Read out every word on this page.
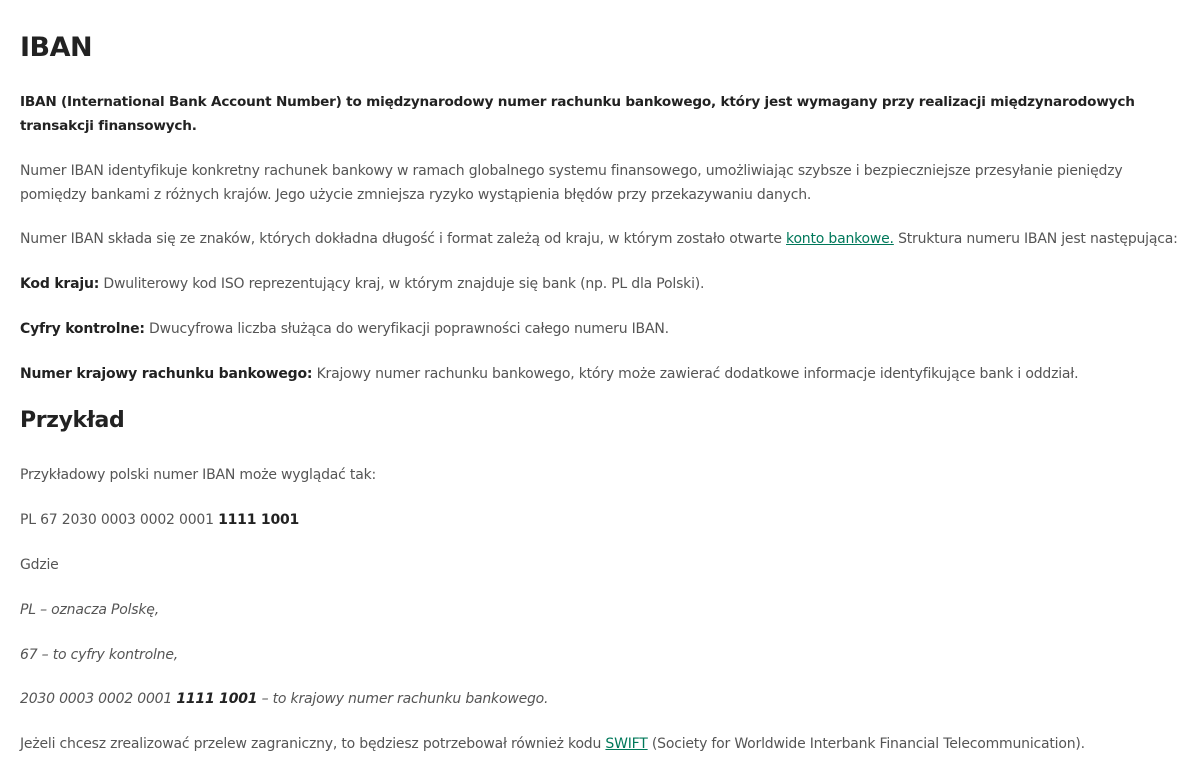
IBAN

IBAN (International Bank Account Number) to międzynarodowy numer rachunku bankowego, który jest wymagany przy realizacji międzynarodowych transakcji finansowych.

Numer IBAN identyfikuje konkretny rachunek bankowy w ramach globalnego systemu finansowego, umożliwiając szybsze i bezpieczniejsze przesyłanie pieniędzy pomiędzy bankami z różnych krajów. Jego użycie zmniejsza ryzyko wystąpienia błędów przy przekazywaniu danych.

Numer IBAN składa się ze znaków, których dokładna długość i format zależą od kraju, w którym zostało otwarte konto bankowe. Struktura numeru IBAN jest następująca:

Kod kraju: Dwuliterowy kod ISO reprezentujący kraj, w którym znajduje się bank (np. PL dla Polski).

Cyfry kontrolne: Dwucyfrowa liczba służąca do weryfikacji poprawności całego numeru IBAN.

Numer krajowy rachunku bankowego: Krajowy numer rachunku bankowego, który może zawierać dodatkowe informacje identyfikujące bank i oddział.

Przykład

Przykładowy polski numer IBAN może wyglądać tak:

PL 67 2030 0003 0002 0001 1111 1001

Gdzie

PL – oznacza Polskę,

67 – to cyfry kontrolne,

2030 0003 0002 0001 1111 1001 – to krajowy numer rachunku bankowego.

Jeżeli chcesz zrealizować przelew zagraniczny, to będziesz potrzebował również kodu SWIFT (Society for Worldwide Interbank Financial Telecommunication).
